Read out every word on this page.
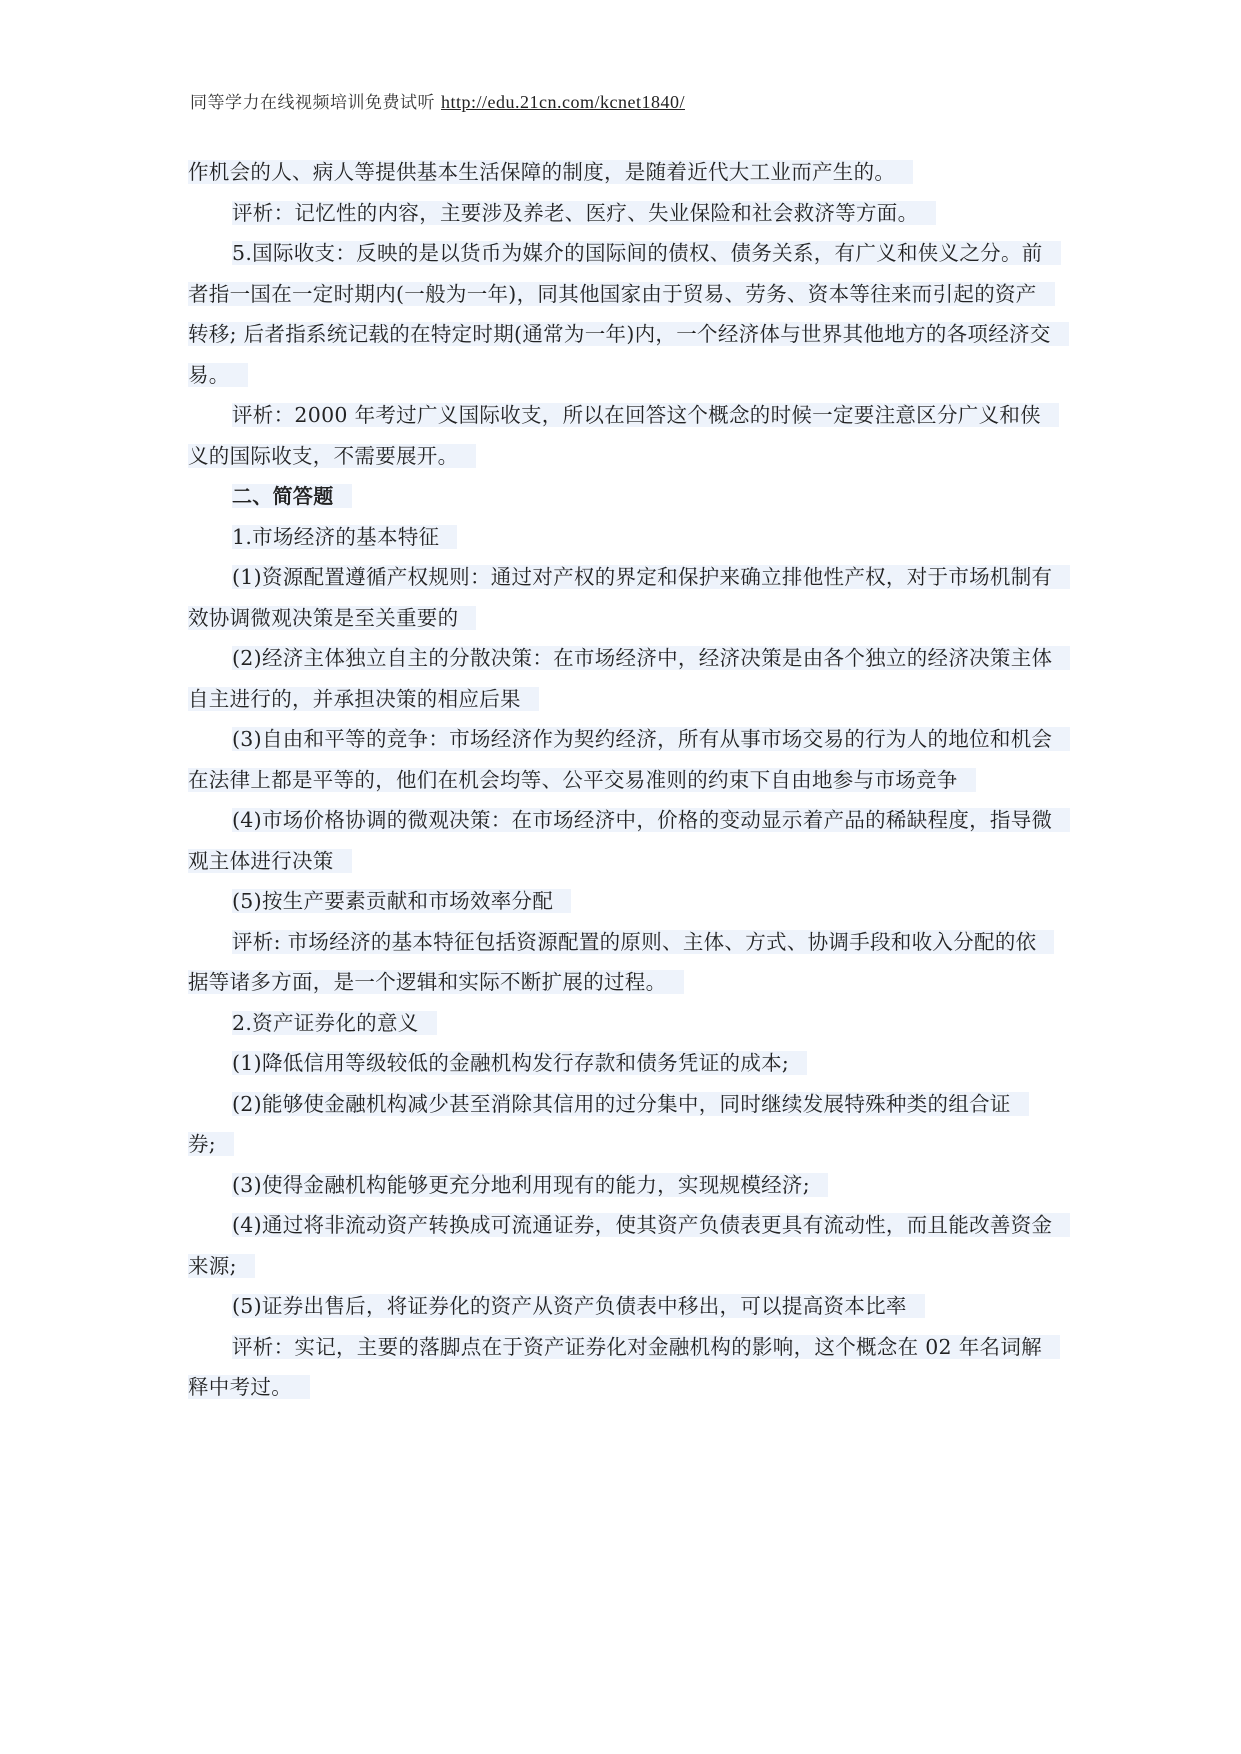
同等学力在线视频培训免费试听 http://edu.21cn.com/kcnet1840/

作机会的人、病人等提供基本生活保障的制度，是随着近代大工业而产生的。

评析：记忆性的内容，主要涉及养老、医疗、失业保险和社会救济等方面。

5.国际收支：反映的是以货币为媒介的国际间的债权、债务关系，有广义和侠义之分。前者指一国在一定时期内(一般为一年)，同其他国家由于贸易、劳务、资本等往来而引起的资产转移; 后者指系统记载的在特定时期(通常为一年)内，一个经济体与世界其他地方的各项经济交易。

评析：2000 年考过广义国际收支，所以在回答这个概念的时候一定要注意区分广义和侠义的国际收支，不需要展开。

二、简答题

1.市场经济的基本特征

(1)资源配置遵循产权规则：通过对产权的界定和保护来确立排他性产权，对于市场机制有效协调微观决策是至关重要的

(2)经济主体独立自主的分散决策：在市场经济中，经济决策是由各个独立的经济决策主体自主进行的，并承担决策的相应后果

(3)自由和平等的竞争：市场经济作为契约经济，所有从事市场交易的行为人的地位和机会在法律上都是平等的，他们在机会均等、公平交易准则的约束下自由地参与市场竞争

(4)市场价格协调的微观决策：在市场经济中，价格的变动显示着产品的稀缺程度，指导微观主体进行决策

(5)按生产要素贡献和市场效率分配

评析: 市场经济的基本特征包括资源配置的原则、主体、方式、协调手段和收入分配的依据等诸多方面，是一个逻辑和实际不断扩展的过程。

2.资产证券化的意义

(1)降低信用等级较低的金融机构发行存款和债务凭证的成本;

(2)能够使金融机构减少甚至消除其信用的过分集中，同时继续发展特殊种类的组合证券;

(3)使得金融机构能够更充分地利用现有的能力，实现规模经济;

(4)通过将非流动资产转换成可流通证券，使其资产负债表更具有流动性，而且能改善资金来源;

(5)证券出售后，将证券化的资产从资产负债表中移出，可以提高资本比率

评析：实记，主要的落脚点在于资产证券化对金融机构的影响，这个概念在 02 年名词解释中考过。
